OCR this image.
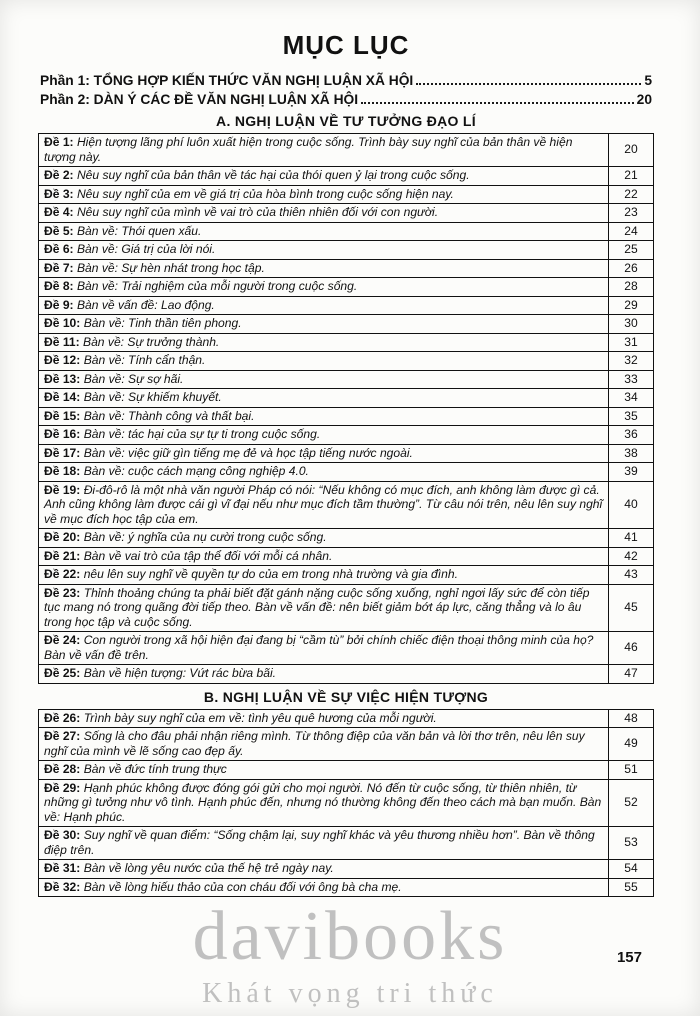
MỤC LỤC
Phần 1: TỔNG HỢP KIẾN THỨC VĂN NGHỊ LUẬN XÃ HỘI	5
Phần 2: DÀN Ý CÁC ĐỀ VĂN NGHỊ LUẬN XÃ HỘI	20
A. NGHỊ LUẬN VỀ TƯ TƯỞNG ĐẠO LÍ
Đề 1: Hiện tượng lãng phí luôn xuất hiện trong cuộc sống. Trình bày suy nghĩ của bản thân về hiện tượng này.	20
Đề 2: Nêu suy nghĩ của bản thân về tác hại của thói quen ỷ lại trong cuộc sống.	21
Đề 3: Nêu suy nghĩ của em về giá trị của hòa bình trong cuộc sống hiện nay.	22
Đề 4: Nêu suy nghĩ của mình về vai trò của thiên nhiên đối với con người.	23
Đề 5: Bàn về: Thói quen xấu.	24
Đề 6: Bàn về: Giá trị của lời nói.	25
Đề 7: Bàn về: Sự hèn nhát trong học tập.	26
Đề 8: Bàn về: Trải nghiệm của mỗi người trong cuộc sống.	28
Đề 9: Bàn về vấn đề: Lao động.	29
Đề 10: Bàn về: Tinh thần tiên phong.	30
Đề 11: Bàn về: Sự trưởng thành.	31
Đề 12: Bàn về: Tính cẩn thận.	32
Đề 13: Bàn về: Sự sợ hãi.	33
Đề 14: Bàn về: Sự khiếm khuyết.	34
Đề 15: Bàn về: Thành công và thất bại.	35
Đề 16: Bàn về: tác hại của sự tự ti trong cuộc sống.	36
Đề 17: Bàn về: việc giữ gìn tiếng mẹ đẻ và học tập tiếng nước ngoài.	38
Đề 18: Bàn về: cuộc cách mạng công nghiệp 4.0.	39
Đề 19: Đi-đô-rô là một nhà văn người Pháp có nói: “Nếu không có mục đích, anh không làm được gì cả. Anh cũng không làm được cái gì vĩ đại nếu như mục đích tầm thường”. Từ câu nói trên, nêu lên suy nghĩ về mục đích học tập của em.	40
Đề 20: Bàn về: ý nghĩa của nụ cười trong cuộc sống.	41
Đề 21: Bàn về vai trò của tập thể đối với mỗi cá nhân.	42
Đề 22: nêu lên suy nghĩ về quyền tự do của em trong nhà trường và gia đình.	43
Đề 23: Thỉnh thoảng chúng ta phải biết đặt gánh nặng cuộc sống xuống, nghỉ ngơi lấy sức để còn tiếp tục mang nó trong quãng đời tiếp theo. Bàn về vấn đề: nên biết giảm bớt áp lực, căng thẳng và lo âu trong học tập và cuộc sống.	45
Đề 24: Con người trong xã hội hiện đại đang bị “cầm tù” bởi chính chiếc điện thoại thông minh của họ? Bàn về vấn đề trên.	46
Đề 25: Bàn về hiện tượng: Vứt rác bừa bãi.	47
B. NGHỊ LUẬN VỀ SỰ VIỆC HIỆN TƯỢNG
Đề 26: Trình bày suy nghĩ của em về: tình yêu quê hương của mỗi người.	48
Đề 27: Sống là cho đâu phải nhận riêng mình. Từ thông điệp của văn bản và lời thơ trên, nêu lên suy nghĩ của mình về lẽ sống cao đẹp ấy.	49
Đề 28: Bàn về đức tính trung thực	51
Đề 29: Hạnh phúc không được đóng gói gửi cho mọi người. Nó đến từ cuộc sống, từ thiên nhiên, từ những gì tưởng như vô tình. Hạnh phúc đến, nhưng nó thường không đến theo cách mà bạn muốn. Bàn về: Hạnh phúc.	52
Đề 30: Suy nghĩ về quan điểm: “Sống chậm lại, suy nghĩ khác và yêu thương nhiều hơn”. Bàn về thông điệp trên.	53
Đề 31: Bàn về lòng yêu nước của thế hệ trẻ ngày nay.	54
Đề 32: Bàn về lòng hiếu thảo của con cháu đối với ông bà cha mẹ.	55
davibooks
Khát vọng tri thức
157
